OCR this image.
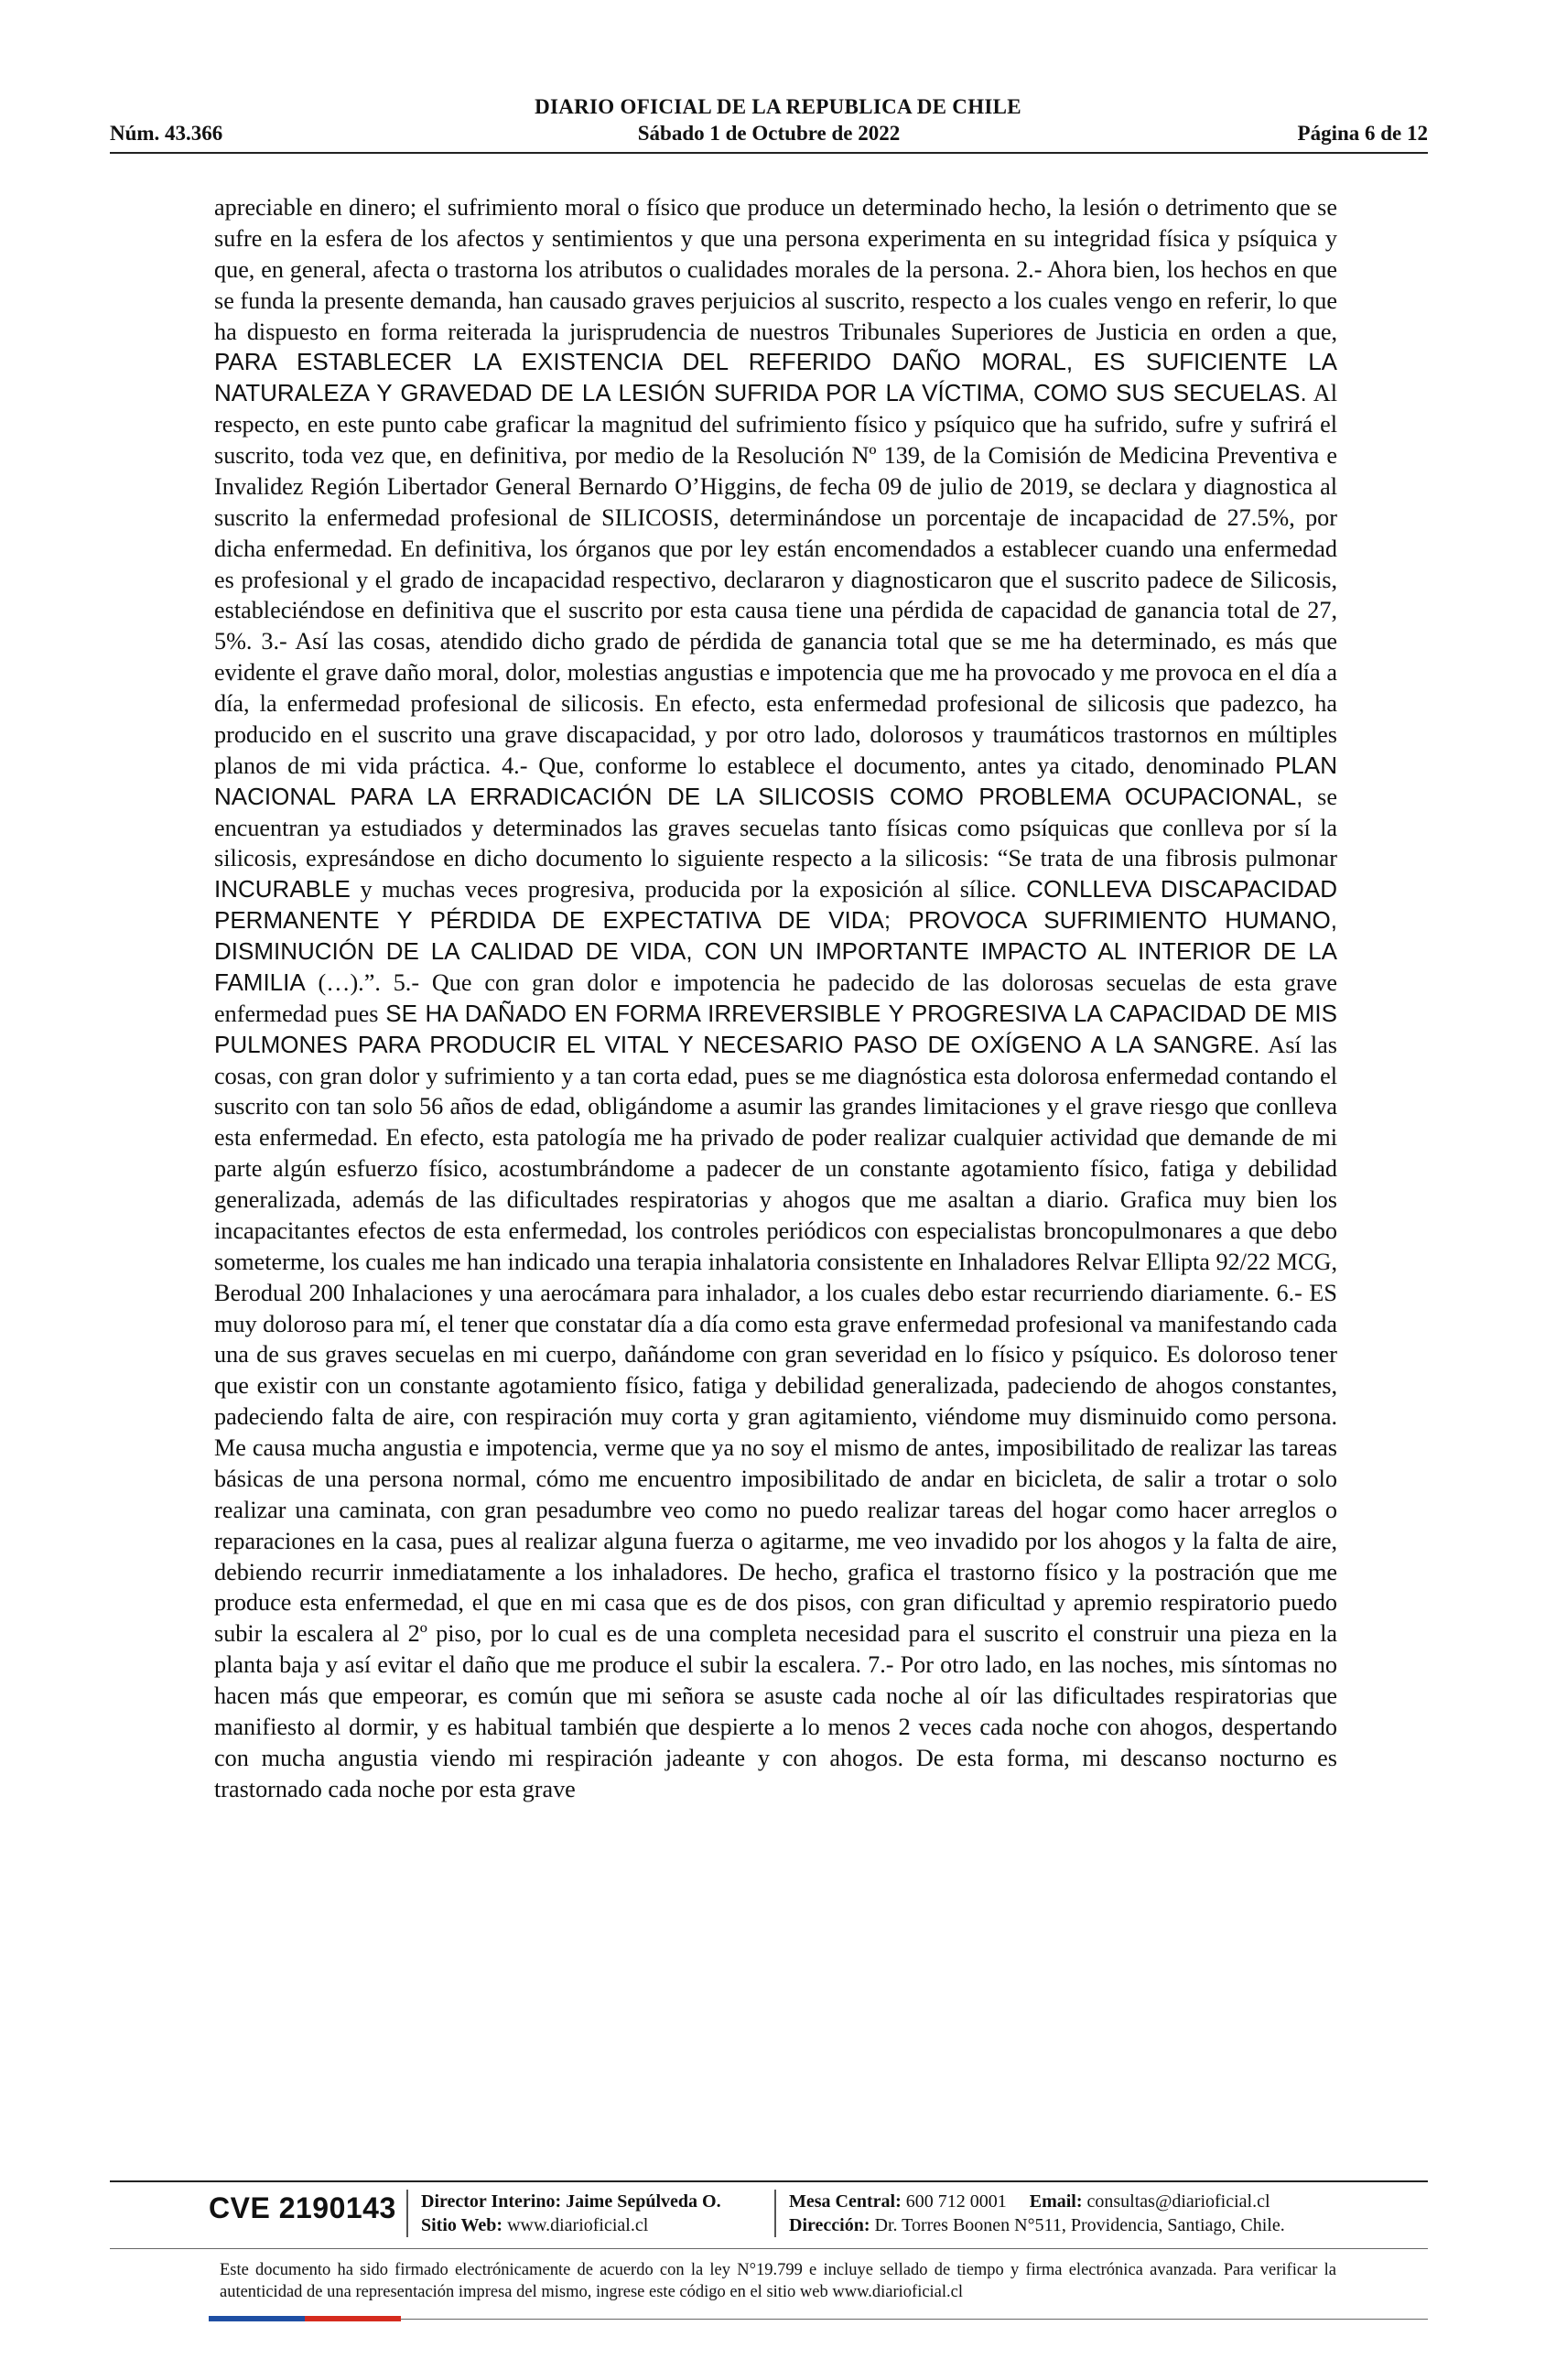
DIARIO OFICIAL DE LA REPUBLICA DE CHILE
Núm. 43.366	Sábado 1 de Octubre de 2022	Página 6 de 12
apreciable en dinero; el sufrimiento moral o físico que produce un determinado hecho, la lesión o detrimento que se sufre en la esfera de los afectos y sentimientos y que una persona experimenta en su integridad física y psíquica y que, en general, afecta o trastorna los atributos o cualidades morales de la persona. 2.- Ahora bien, los hechos en que se funda la presente demanda, han causado graves perjuicios al suscrito, respecto a los cuales vengo en referir, lo que ha dispuesto en forma reiterada la jurisprudencia de nuestros Tribunales Superiores de Justicia en orden a que, PARA ESTABLECER LA EXISTENCIA DEL REFERIDO DAÑO MORAL, ES SUFICIENTE LA NATURALEZA Y GRAVEDAD DE LA LESIÓN SUFRIDA POR LA VÍCTIMA, COMO SUS SECUELAS. Al respecto, en este punto cabe graficar la magnitud del sufrimiento físico y psíquico que ha sufrido, sufre y sufrirá el suscrito, toda vez que, en definitiva, por medio de la Resolución Nº 139, de la Comisión de Medicina Preventiva e Invalidez Región Libertador General Bernardo O’Higgins, de fecha 09 de julio de 2019, se declara y diagnostica al suscrito la enfermedad profesional de SILICOSIS, determinándose un porcentaje de incapacidad de 27.5%, por dicha enfermedad. En definitiva, los órganos que por ley están encomendados a establecer cuando una enfermedad es profesional y el grado de incapacidad respectivo, declararon y diagnosticaron que el suscrito padece de Silicosis, estableciéndose en definitiva que el suscrito por esta causa tiene una pérdida de capacidad de ganancia total de 27, 5%. 3.- Así las cosas, atendido dicho grado de pérdida de ganancia total que se me ha determinado, es más que evidente el grave daño moral, dolor, molestias angustias e impotencia que me ha provocado y me provoca en el día a día, la enfermedad profesional de silicosis. En efecto, esta enfermedad profesional de silicosis que padezco, ha producido en el suscrito una grave discapacidad, y por otro lado, dolorosos y traumáticos trastornos en múltiples planos de mi vida práctica. 4.- Que, conforme lo establece el documento, antes ya citado, denominado PLAN NACIONAL PARA LA ERRADICACIÓN DE LA SILICOSIS COMO PROBLEMA OCUPACIONAL, se encuentran ya estudiados y determinados las graves secuelas tanto físicas como psíquicas que conlleva por sí la silicosis, expresándose en dicho documento lo siguiente respecto a la silicosis: “Se trata de una fibrosis pulmonar INCURABLE y muchas veces progresiva, producida por la exposición al sílice. CONLLEVA DISCAPACIDAD PERMANENTE Y PÉRDIDA DE EXPECTATIVA DE VIDA; PROVOCA SUFRIMIENTO HUMANO, DISMINUCIÓN DE LA CALIDAD DE VIDA, CON UN IMPORTANTE IMPACTO AL INTERIOR DE LA FAMILIA (…).”. 5.- Que con gran dolor e impotencia he padecido de las dolorosas secuelas de esta grave enfermedad pues SE HA DAÑADO EN FORMA IRREVERSIBLE Y PROGRESIVA LA CAPACIDAD DE MIS PULMONES PARA PRODUCIR EL VITAL Y NECESARIO PASO DE OXÍGENO A LA SANGRE. Así las cosas, con gran dolor y sufrimiento y a tan corta edad, pues se me diagnóstica esta dolorosa enfermedad contando el suscrito con tan solo 56 años de edad, obligándome a asumir las grandes limitaciones y el grave riesgo que conlleva esta enfermedad. En efecto, esta patología me ha privado de poder realizar cualquier actividad que demande de mi parte algún esfuerzo físico, acostumbrándome a padecer de un constante agotamiento físico, fatiga y debilidad generalizada, además de las dificultades respiratorias y ahogos que me asaltan a diario. Grafica muy bien los incapacitantes efectos de esta enfermedad, los controles periódicos con especialistas broncopulmonares a que debo someterme, los cuales me han indicado una terapia inhalatoria consistente en Inhaladores Relvar Ellipta 92/22 MCG, Berodual 200 Inhalaciones y una aerocámara para inhalador, a los cuales debo estar recurriendo diariamente. 6.- ES muy doloroso para mí, el tener que constatar día a día como esta grave enfermedad profesional va manifestando cada una de sus graves secuelas en mi cuerpo, dañándome con gran severidad en lo físico y psíquico. Es doloroso tener que existir con un constante agotamiento físico, fatiga y debilidad generalizada, padeciendo de ahogos constantes, padeciendo falta de aire, con respiración muy corta y gran agitamiento, viéndome muy disminuido como persona. Me causa mucha angustia e impotencia, verme que ya no soy el mismo de antes, imposibilitado de realizar las tareas básicas de una persona normal, cómo me encuentro imposibilitado de andar en bicicleta, de salir a trotar o solo realizar una caminata, con gran pesadumbre veo como no puedo realizar tareas del hogar como hacer arreglos o reparaciones en la casa, pues al realizar alguna fuerza o agitarme, me veo invadido por los ahogos y la falta de aire, debiendo recurrir inmediatamente a los inhaladores. De hecho, grafica el trastorno físico y la postración que me produce esta enfermedad, el que en mi casa que es de dos pisos, con gran dificultad y apremio respiratorio puedo subir la escalera al 2º piso, por lo cual es de una completa necesidad para el suscrito el construir una pieza en la planta baja y así evitar el daño que me produce el subir la escalera. 7.- Por otro lado, en las noches, mis síntomas no hacen más que empeorar, es común que mi señora se asuste cada noche al oír las dificultades respiratorias que manifiesto al dormir, y es habitual también que despierte a lo menos 2 veces cada noche con ahogos, despertando con mucha angustia viendo mi respiración jadeante y con ahogos. De esta forma, mi descanso nocturno es trastornado cada noche por esta grave
CVE 2190143 Director Interino: Jaime Sepúlveda O.
Sitio Web: www.diarioficial.cl
Mesa Central: 600 712 0001 Email: consultas@diarioficial.cl
Dirección: Dr. Torres Boonen N°511, Providencia, Santiago, Chile.
Este documento ha sido firmado electrónicamente de acuerdo con la ley N°19.799 e incluye sellado de tiempo y firma electrónica avanzada. Para verificar la autenticidad de una representación impresa del mismo, ingrese este código en el sitio web www.diarioficial.cl
